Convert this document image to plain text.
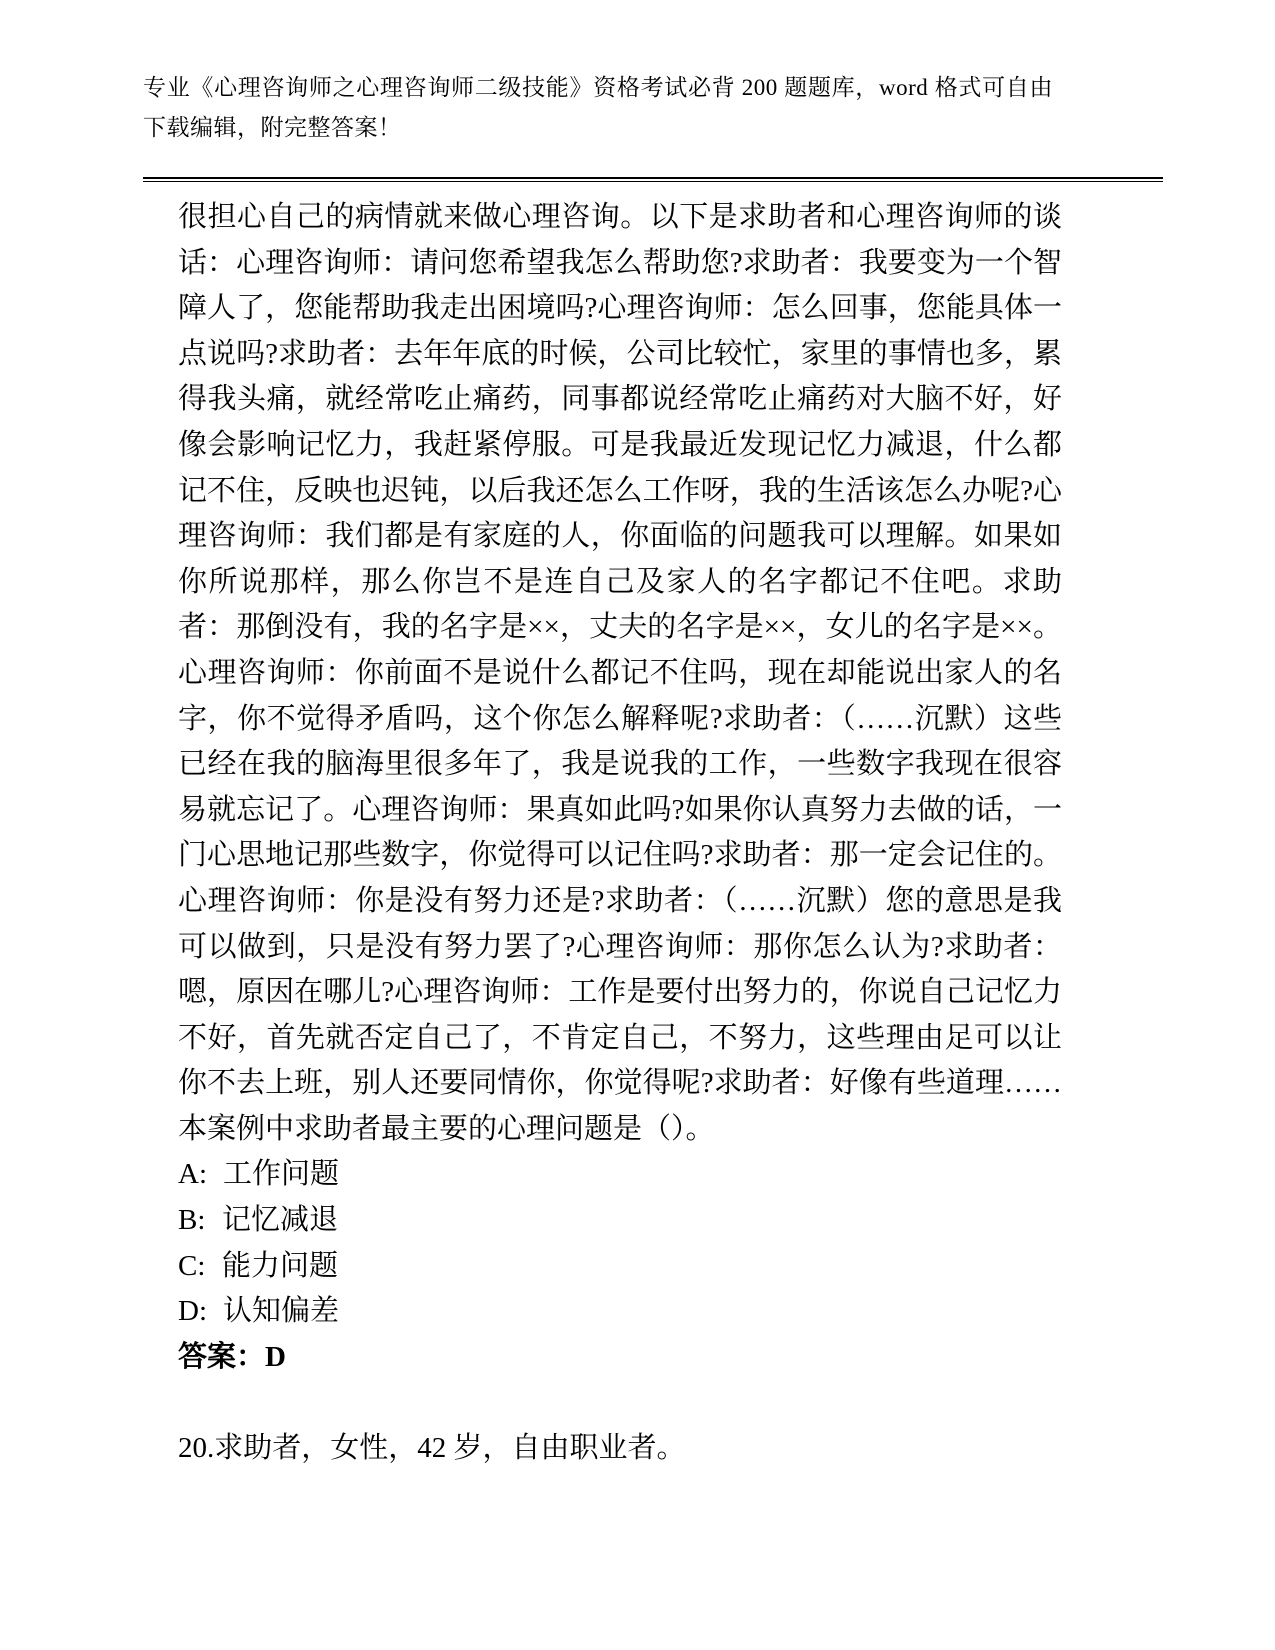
专业《心理咨询师之心理咨询师二级技能》资格考试必背 200 题题库，word 格式可自由下载编辑，附完整答案！

很担心自己的病情就来做心理咨询。以下是求助者和心理咨询师的谈话：心理咨询师：请问您希望我怎么帮助您?求助者：我要变为一个智障人了，您能帮助我走出困境吗?心理咨询师：怎么回事，您能具体一点说吗?求助者：去年年底的时候，公司比较忙，家里的事情也多，累得我头痛，就经常吃止痛药，同事都说经常吃止痛药对大脑不好，好像会影响记忆力，我赶紧停服。可是我最近发现记忆力减退，什么都记不住，反映也迟钝，以后我还怎么工作呀，我的生活该怎么办呢?心理咨询师：我们都是有家庭的人，你面临的问题我可以理解。如果如你所说那样，那么你岂不是连自己及家人的名字都记不住吧。求助者：那倒没有，我的名字是××，丈夫的名字是××，女儿的名字是××。心理咨询师：你前面不是说什么都记不住吗，现在却能说出家人的名字，你不觉得矛盾吗，这个你怎么解释呢?求助者：（……沉默）这些已经在我的脑海里很多年了，我是说我的工作，一些数字我现在很容易就忘记了。心理咨询师：果真如此吗?如果你认真努力去做的话，一门心思地记那些数字，你觉得可以记住吗?求助者：那一定会记住的。心理咨询师：你是没有努力还是?求助者：（……沉默）您的意思是我可以做到，只是没有努力罢了?心理咨询师：那你怎么认为?求助者：嗯，原因在哪儿?心理咨询师：工作是要付出努力的，你说自己记忆力不好，首先就否定自己了，不肯定自己，不努力，这些理由足可以让你不去上班，别人还要同情你，你觉得呢?求助者：好像有些道理……本案例中求助者最主要的心理问题是（）。

A: 工作问题

B: 记忆减退

C: 能力问题

D: 认知偏差

答案：D

20.求助者，女性，42 岁，自由职业者。
